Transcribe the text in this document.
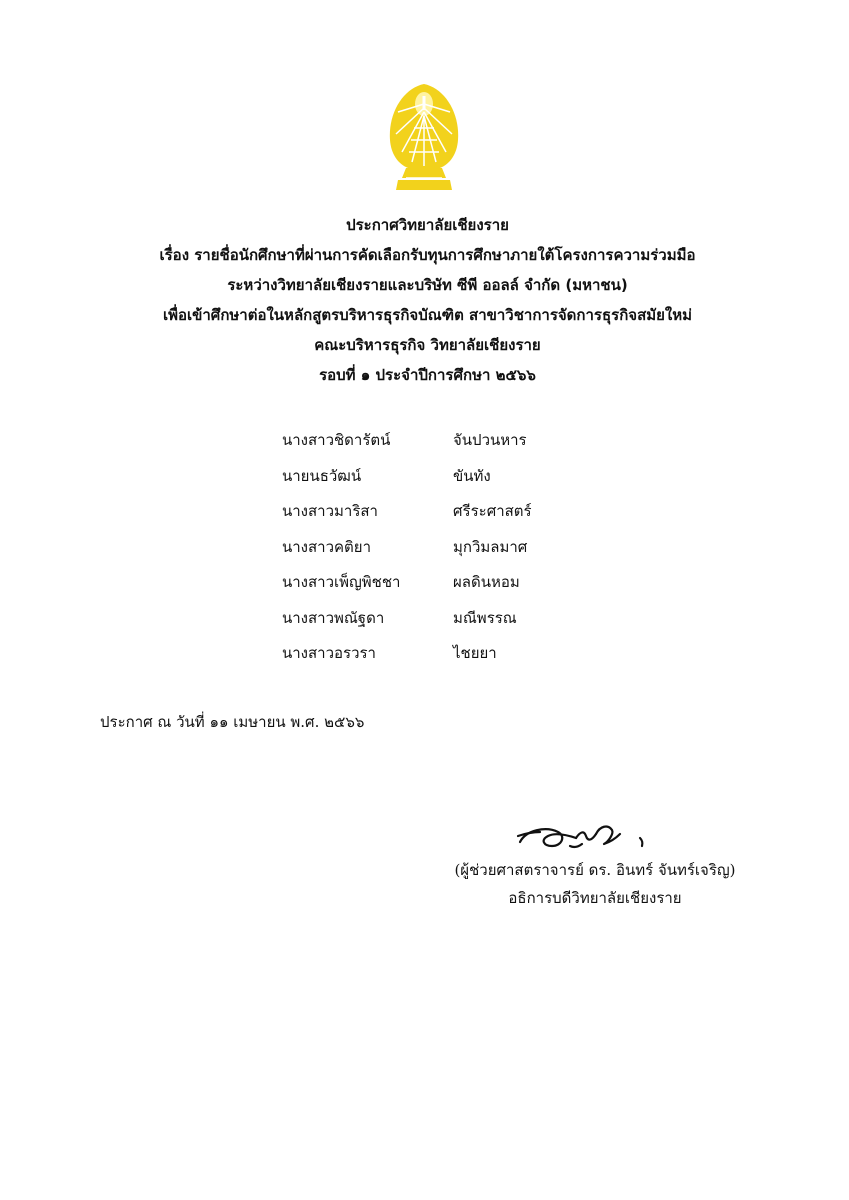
ประกาศวิทยาลัยเชียงราย
เรื่อง รายชื่อนักศึกษาที่ผ่านการคัดเลือกรับทุนการศึกษาภายใต้โครงการความร่วมมือ
ระหว่างวิทยาลัยเชียงรายและบริษัท ซีพี ออลล์ จำกัด (มหาชน)
เพื่อเข้าศึกษาต่อในหลักสูตรบริหารธุรกิจบัณฑิต สาขาวิชาการจัดการธุรกิจสมัยใหม่
คณะบริหารธุรกิจ วิทยาลัยเชียงราย
รอบที่ ๑ ประจำปีการศึกษา ๒๕๖๖
นางสาวชิดารัตน์	จันปวนหาร
นายนธวัฒน์	ขันทัง
นางสาวมาริสา	ศรีระศาสตร์
นางสาวคติยา	มุกวิมลมาศ
นางสาวเพ็ญพิชชา	ผลดินหอม
นางสาวพณัฐดา	มณีพรรณ
นางสาวอรวรา	ไชยยา
ประกาศ ณ วันที่ ๑๑ เมษายน พ.ศ. ๒๕๖๖
(ผู้ช่วยศาสตราจารย์ ดร. อินทร์ จันทร์เจริญ)
อธิการบดีวิทยาลัยเชียงราย
